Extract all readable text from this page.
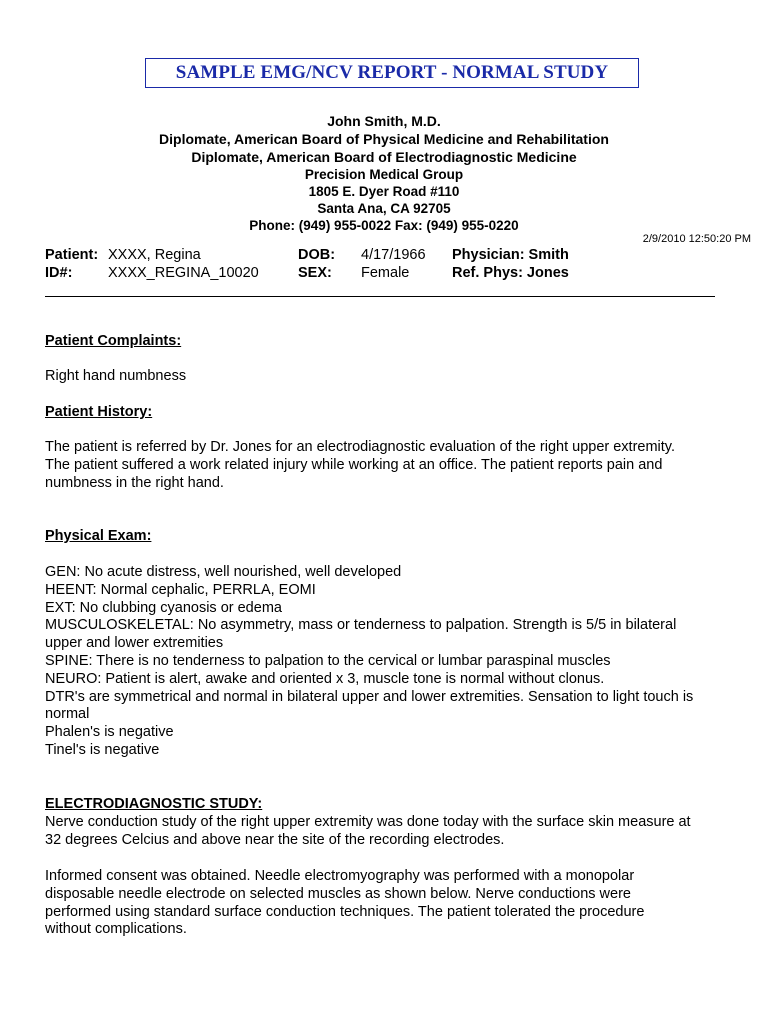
SAMPLE EMG/NCV REPORT - NORMAL STUDY
John Smith, M.D.
Diplomate, American Board of Physical Medicine and Rehabilitation
Diplomate, American Board of Electrodiagnostic Medicine
Precision Medical Group
1805 E. Dyer Road #110
Santa Ana, CA 92705
Phone: (949) 955-0022 Fax: (949) 955-0220
2/9/2010 12:50:20 PM
Patient: XXXX, Regina	DOB: 4/17/1966 Physician: Smith
ID#: XXXX_REGINA_10020	SEX: Female	Ref. Phys: Jones
Patient Complaints:
Right hand numbness
Patient History:

The patient is referred by Dr. Jones for an electrodiagnostic evaluation of the right upper extremity.

The patient suffered a work related injury while working at an office. The patient reports pain and

numbness in the right hand.

Physical Exam:

GEN: No acute distress, well nourished, well developed

HEENT: Normal cephalic, PERRLA, EOMI

EXT: No clubbing cyanosis or edema

MUSCULOSKELETAL: No asymmetry, mass or tenderness to palpation. Strength is 5/5 in bilateral

upper and lower extremities

SPINE: There is no tenderness to palpation to the cervical or lumbar paraspinal muscles

NEURO: Patient is alert, awake and oriented x 3, muscle tone is normal without clonus.

DTR's are symmetrical and normal in bilateral upper and lower extremities. Sensation to light touch is

normal

Phalen's is negative

Tinel's is negative

ELECTRODIAGNOSTIC STUDY:

Nerve conduction study of the right upper extremity was done today with the surface skin measure at

32 degrees Celcius and above near the site of the recording electrodes.

Informed consent was obtained. Needle electromyography was performed with a monopolar

disposable needle electrode on selected muscles as shown below. Nerve conductions were

performed using standard surface conduction techniques. The patient tolerated the procedure

without complications.
